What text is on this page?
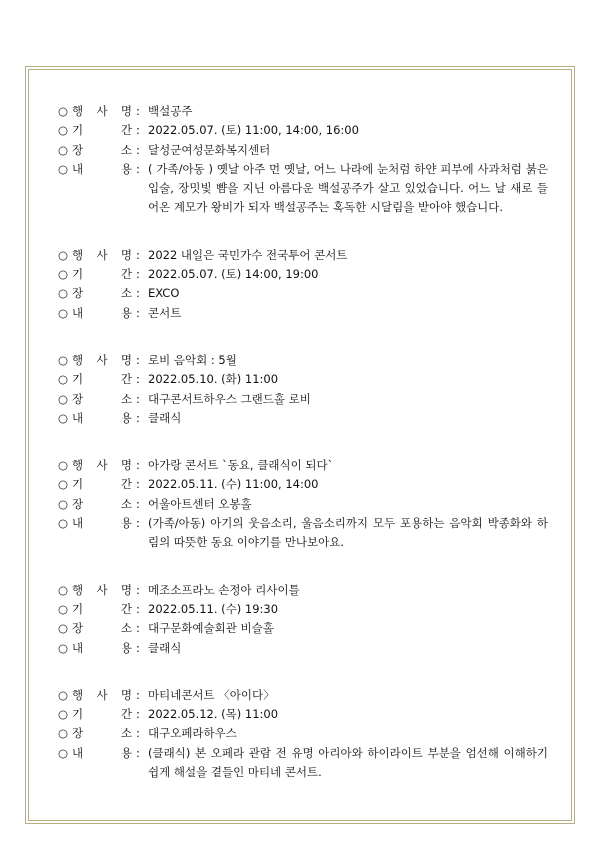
○ 행 사 명 : 백설공주
○ 기	간 : 2022.05.07. (토) 11:00, 14:00, 16:00
○ 장	소 : 달성군여성문화복지센터
○ 내	용 : ( 가족/아동 ) 옛날 아주 먼 옛날, 어느 나라에 눈처럼 하얀 피부에 사과처럼 붉은 입술, 장밋빛 뺨을 지닌 아름다운 백설공주가 살고 있었습니다. 어느 날 새로 들어온 계모가 왕비가 되자 백설공주는 혹독한 시달림을 받아야 했습니다.
○ 행 사 명 : 2022 내일은 국민가수 전국투어 콘서트
○ 기	간 : 2022.05.07. (토) 14:00, 19:00
○ 장	소 : EXCO
○ 내	용 : 콘서트
○ 행 사 명 : 로비 음악회 : 5월
○ 기	간 : 2022.05.10. (화) 11:00
○ 장	소 : 대구콘서트하우스 그랜드홀 로비
○ 내	용 : 클래식
○ 행 사 명 : 아가랑 콘서트 `동요, 클래식이 되다`
○ 기	간 : 2022.05.11. (수) 11:00, 14:00
○ 장	소 : 어울아트센터 오봉홀
○ 내	용 : (가족/아동) 아기의 웃음소리, 울음소리까지 모두 포용하는 음악회 박종화와 하림의 따뜻한 동요 이야기를 만나보아요.
○ 행 사 명 : 메조소프라노 손정아 리사이틀
○ 기	간 : 2022.05.11. (수) 19:30
○ 장	소 : 대구문화예술회관 비슬홀
○ 내	용 : 클래식
○ 행 사 명 : 마티네콘서트 〈아이다〉
○ 기	간 : 2022.05.12. (목) 11:00
○ 장	소 : 대구오페라하우스
○ 내	용 : (클래식) 본 오페라 관람 전 유명 아리아와 하이라이트 부분을 엄선해 이해하기 쉽게 해설을 곁들인 마티네 콘서트.
